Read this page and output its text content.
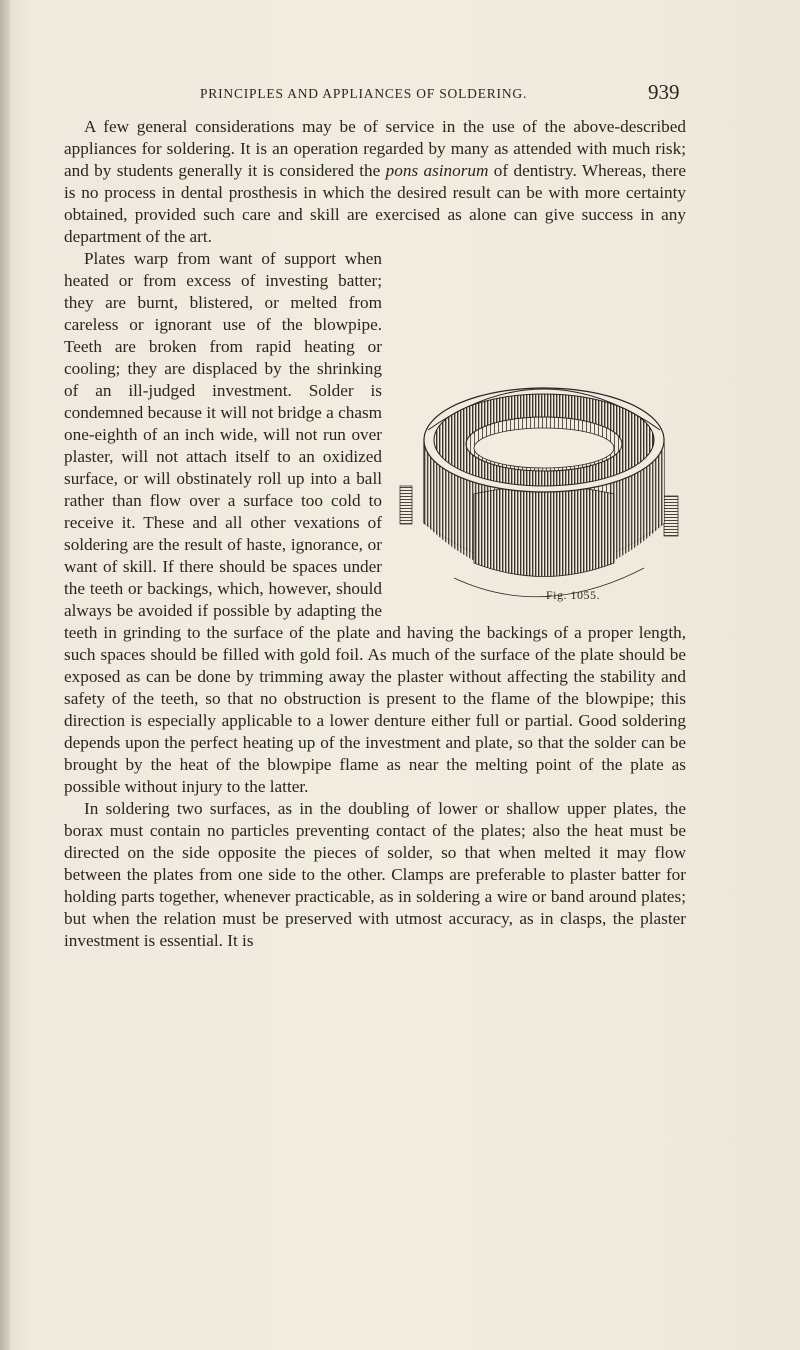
PRINCIPLES AND APPLIANCES OF SOLDERING.	939

A few general considerations may be of service in the use of the above-described appliances for soldering. It is an operation regarded by many as attended with much risk; and by students generally it is considered the pons asinorum of dentistry. Whereas, there is no process in dental prosthesis in which the desired result can be with more certainty obtained, provided such care and skill are exercised as alone can give success in any department of the art.

Fig. 1055.
Plates warp from want of support when heated or from excess of investing batter; they are burnt, blistered, or melted from careless or ignorant use of the blowpipe. Teeth are broken from rapid heating or cooling; they are displaced by the shrinking of an ill-judged investment. Solder is condemned because it will not bridge a chasm one-eighth of an inch wide, will not run over plaster, will not attach itself to an oxidized surface, or will obstinately roll up into a ball rather than flow over a surface too cold to receive it. These and all other vexations of soldering are the result of haste, ignorance, or want of skill. If there should be spaces under the teeth or backings, which, however, should always be avoided if possible by adapting the teeth in grinding to the surface of the plate and having the backings of a proper length, such spaces should be filled with gold foil. As much of the surface of the plate should be exposed as can be done by trimming away the plaster without affecting the stability and safety of the teeth, so that no obstruction is present to the flame of the blowpipe; this direction is especially applicable to a lower denture either full or partial. Good soldering depends upon the perfect heating up of the investment and plate, so that the solder can be brought by the heat of the blowpipe flame as near the melting point of the plate as possible without injury to the latter.

In soldering two surfaces, as in the doubling of lower or shallow upper plates, the borax must contain no particles preventing contact of the plates; also the heat must be directed on the side opposite the pieces of solder, so that when melted it may flow between the plates from one side to the other. Clamps are preferable to plaster batter for holding parts together, whenever practicable, as in soldering a wire or band around plates; but when the relation must be preserved with utmost accuracy, as in clasps, the plaster investment is essential. It is
